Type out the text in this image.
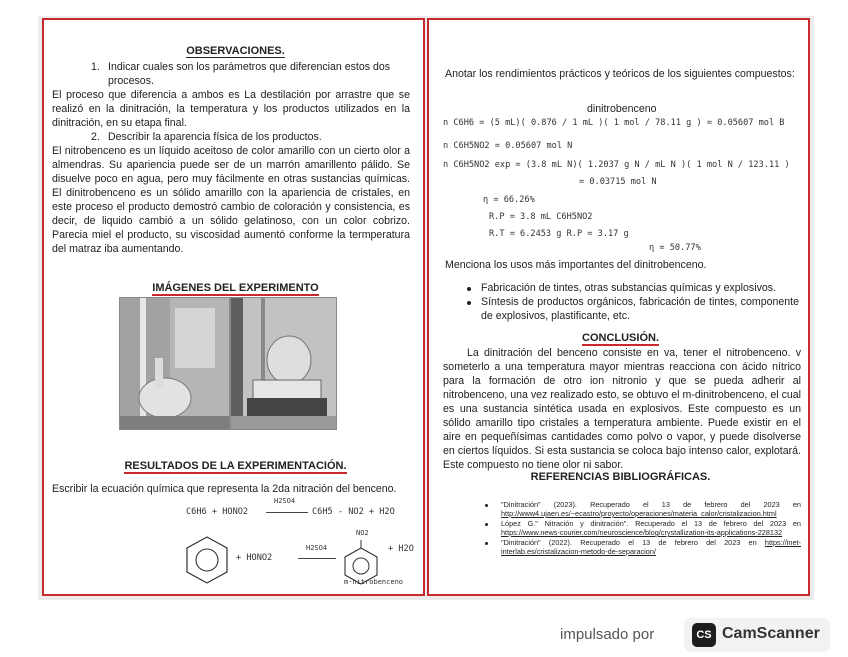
OBSERVACIONES.
1. Indicar cuales son los parámetros que diferencian estos dos procesos.
El proceso que diferencia a ambos es La destilación por arrastre que se realizó en la dinitración, la temperatura y los productos utilizados en la dinitración, en su etapa final.
2. Describir la aparencia física de los productos.
El nitrobenceno es un líquido aceitoso de color amarillo con un cierto olor a almendras. Su apariencia puede ser de un marrón amarillento pálido. Se disuelve poco en agua, pero muy fácilmente en otras sustancias químicas. El dinitrobenceno es un sólido amarillo con la apariencia de cristales, en este proceso el producto demostró cambio de coloración y consistencia, es decir, de liquido cambió a un sólido gelatinoso, con un color cobrizo. Parecia miel el producto, su viscosidad aumentó conforme la termperatura del matraz iba aumentando.
IMÁGENES DEL EXPERIMENTO
RESULTADOS DE LA EXPERIMENTACIÓN.
Escribir la ecuación química que representa la 2da nitración del benceno.
C6H6 + HONO2
H2SO4
C6H5 - NO2 + H2O
+ HONO2
H2SO4
NO2
+ H2O
m-nitrobenceno
Anotar los rendimientos prácticos y teóricos de los siguientes compuestos:
dinitrobenceno
n C6H6 = (5 mL)( 0.876 / 1 mL )( 1 mol / 78.11 g ) = 0.05607 mol B
n C6H5NO2 = 0.05607 mol N
n C6H5NO2 exp = (3.8 mL N)( 1.2037 g N / mL N )( 1 mol N / 123.11 )
= 0.03715 mol N
η = 66.26%
R.P = 3.8 mL C6H5NO2
R.T = 6.2453 g R.P = 3.17 g
η = 50.77%
Menciona los usos más importantes del dinitrobenceno.
Fabricación de tintes, otras substancias químicas y explosivos.
Síntesis de productos orgánicos, fabricación de tintes, componente de explosivos, plastificante, etc.
CONCLUSIÓN.
La dinitración del benceno consiste en va, tener el nitrobenceno. v someterlo a una temperatura mayor mientras reacciona con ácido nítrico para la formación de otro ion nitronio y que se pueda adherir al nitrobenceno, una vez realizado esto, se obtuvo el m-dinitrobenceno, el cual es una sustancia sintética usada en explosivos. Este compuesto es un sólido amarillo tipo cristales a temperatura ambiente. Puede existir en el aire en pequeñísimas cantidades como polvo o vapor, y puede disolverse en ciertos líquidos. Si esta sustancia se coloca bajo intenso calor, explotará. Este compuesto no tiene olor ni sabor.
REFERENCIAS BIBLIOGRÁFICAS.
"Dinitración" (2023). Recuperado el 13 de febrero del 2023 en http://www4.ujaen.es/~ecastro/proyecto/operaciones/materia_calor/cristalizacion.html
López G." Nitración y dinitración". Recuperado el 13 de febrero del 2023 en https://www.news-courier.com/neuroscience/blog/crystallization-its-applications-228132
"Dinitración" (2022). Recuperado el 13 de febrero del 2023 en https://inet-interlab.es/cristalizacion-metodo-de-separacion/
impulsado por	CS CamScanner
